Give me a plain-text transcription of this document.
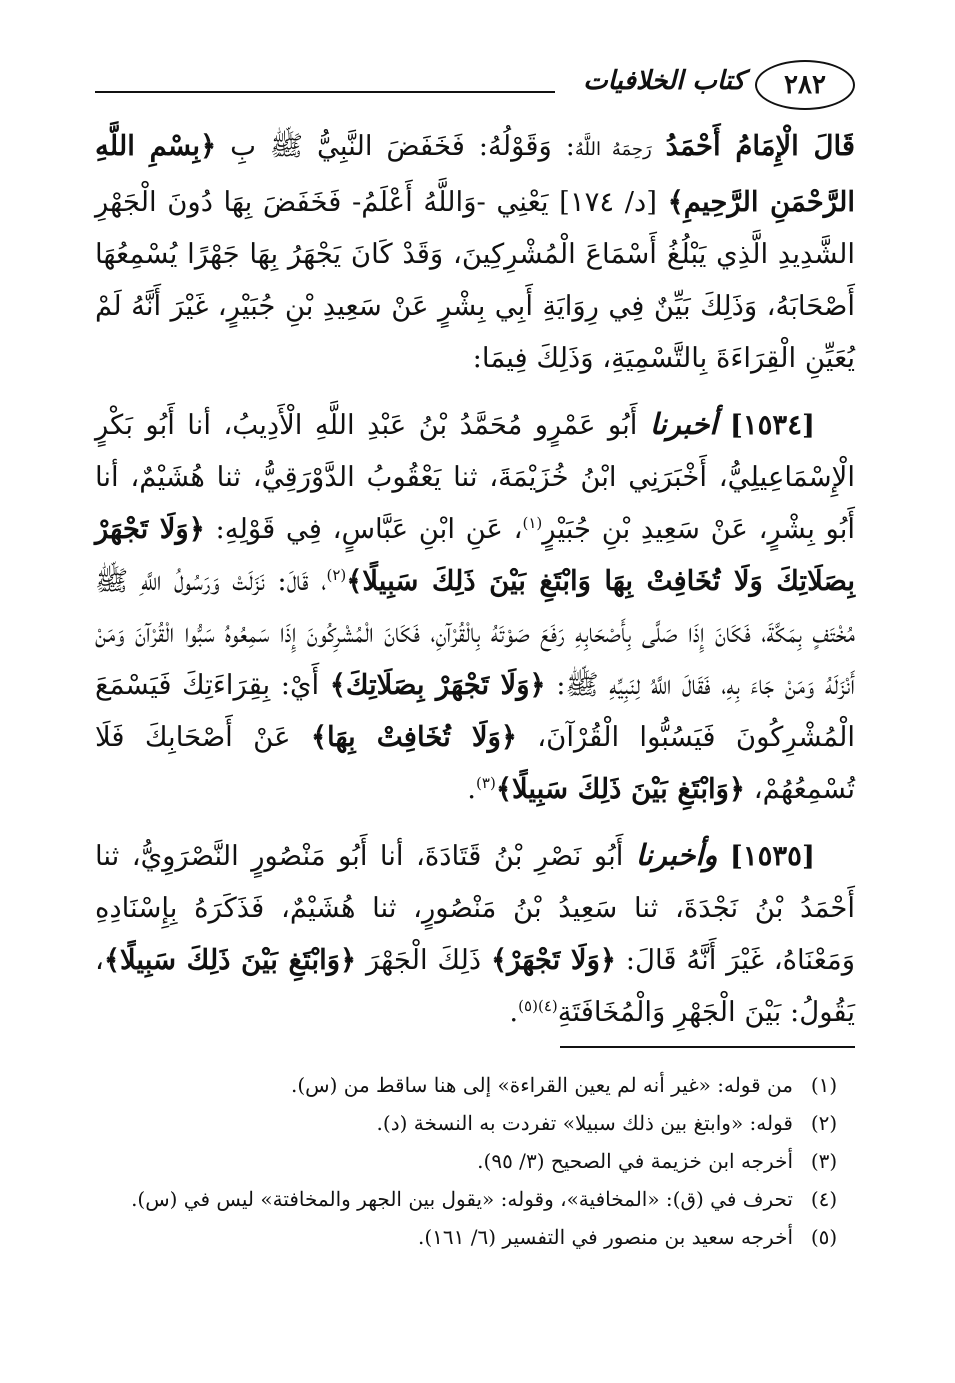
٢٨٢
كتاب الخلافيات

قَالَ الْإِمَامُ أَحْمَدُ رَحِمَهُ اللَّهُ: وَقَوْلُهُ: فَخَفَضَ النَّبِيُّ ﷺ بِ ﴿بِسْمِ اللَّهِ الرَّحْمَنِ الرَّحِيمِ﴾ [د/ ١٧٤] يَعْنِي -وَاللَّهُ أَعْلَمُ- فَخَفَضَ بِهَا دُونَ الْجَهْرِ الشَّدِيدِ الَّذِي يَبْلُغُ أَسْمَاعَ الْمُشْرِكِينَ، وَقَدْ كَانَ يَجْهَرُ بِهَا جَهْرًا يُسْمِعُهَا أَصْحَابَهُ، وَذَلِكَ بَيِّنٌ فِي رِوَايَةِ أَبِي بِشْرٍ عَنْ سَعِيدِ بْنِ جُبَيْرٍ، غَيْرَ أَنَّهُ لَمْ يُعَيِّنِ الْقِرَاءَةَ بِالتَّسْمِيَةِ، وَذَلِكَ فِيمَا:

[١٥٣٤] أخبرنا أَبُو عَمْرٍو مُحَمَّدُ بْنُ عَبْدِ اللَّهِ الْأَدِيبُ، أنا أَبُو بَكْرٍ الْإِسْمَاعِيلِيُّ، أَخْبَرَنِي ابْنُ خُزَيْمَةَ، ثنا يَعْقُوبُ الدَّوْرَقِيُّ، ثنا هُشَيْمٌ، أنا أَبُو بِشْرٍ، عَنْ سَعِيدِ بْنِ جُبَيْرٍ$^{(١)}$، عَنِ ابْنِ عَبَّاسٍ، فِي قَوْلِهِ: ﴿وَلَا تَجْهَرْ بِصَلَاتِكَ وَلَا تُخَافِتْ بِهَا وَابْتَغِ بَيْنَ ذَلِكَ سَبِيلًا﴾$^{(٢)}$، قَالَ: نَزَلَتْ وَرَسُولُ اللَّهِ ﷺ مُخْتَفٍ بِمَكَّةَ، فَكَانَ إِذَا صَلَّى بِأَصْحَابِهِ رَفَعَ صَوْتَهُ بِالْقُرْآنِ، فَكَانَ الْمُشْرِكُونَ إِذَا سَمِعُوهُ سَبُّوا الْقُرْآنَ وَمَنْ أَنْزَلَهُ وَمَنْ جَاءَ بِهِ، فَقَالَ اللَّهُ لِنَبِيِّهِ ﷺ: ﴿وَلَا تَجْهَرْ بِصَلَاتِكَ﴾ أَيْ: بِقِرَاءَتِكَ فَيَسْمَعَ الْمُشْرِكُونَ فَيَسُبُّوا الْقُرْآنَ، ﴿وَلَا تُخَافِتْ بِهَا﴾ عَنْ أَصْحَابِكَ فَلَا تُسْمِعُهُمْ، ﴿وَابْتَغِ بَيْنَ ذَلِكَ سَبِيلًا﴾$^{(٣)}$.

[١٥٣٥] وأخبرنا أَبُو نَصْرِ بْنُ قَتَادَةَ، أنا أَبُو مَنْصُورٍ النَّصْرَوِيُّ، ثنا أَحْمَدُ بْنُ نَجْدَةَ، ثنا سَعِيدُ بْنُ مَنْصُورٍ، ثنا هُشَيْمٌ، فَذَكَرَهُ بِإِسْنَادِهِ وَمَعْنَاهُ، غَيْرَ أَنَّهُ قَالَ: ﴿وَلَا تَجْهَرْ﴾ ذَلِكَ الْجَهْرَ ﴿وَابْتَغِ بَيْنَ ذَلِكَ سَبِيلًا﴾، يَقُولُ: بَيْنَ الْجَهْرِ وَالْمُخَافَتَةِ$^{(٤)(٥)}$.

(١)
من قوله: «غير أنه لم يعين القراءة» إلى هنا ساقط من (س).
(٢)
قوله: «وابتغ بين ذلك سبيلا» تفردت به النسخة (د).
(٣)
أخرجه ابن خزيمة في الصحيح (٣/ ٩٥).
(٤)
تحرف في (ق): «المخافية»، وقوله: «يقول بين الجهر والمخافتة» ليس في (س).
(٥)
أخرجه سعيد بن منصور في التفسير (٦/ ١٦١).
